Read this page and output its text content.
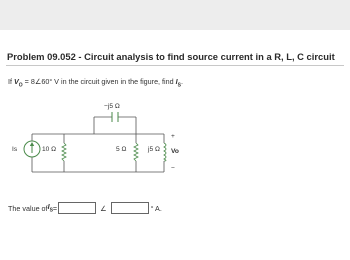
Problem 09.052 - Circuit analysis to find source current in a R, L, C circuit
If $V_O$ = 8∠60° V in the circuit given in the figure, find $I_S$.
Is	10 Ω
−j5 Ω
5 Ω	j5 Ω
+
Vo
−
The value of $I_S$ =	∠	° A.
